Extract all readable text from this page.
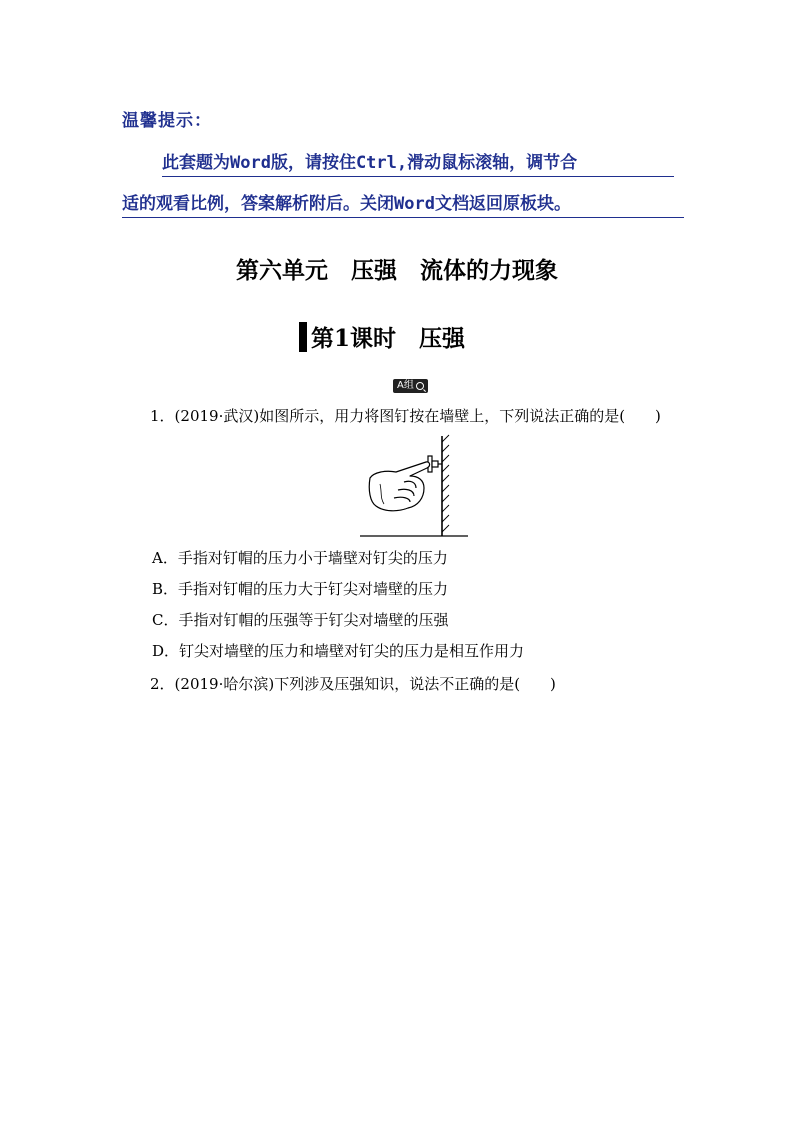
温馨提示：
此套题为Word版，请按住Ctrl,滑动鼠标滚轴，调节合
适的观看比例，答案解析附后。关闭Word文档返回原板块。
第六单元　压强　流体的力现象
第1课时　压强
A组
1．(2019·武汉)如图所示，用力将图钉按在墙壁上，下列说法正确的是(　　)
A．手指对钉帽的压力小于墙壁对钉尖的压力
B．手指对钉帽的压力大于钉尖对墙壁的压力
C．手指对钉帽的压强等于钉尖对墙壁的压强
D．钉尖对墙壁的压力和墙壁对钉尖的压力是相互作用力
2．(2019·哈尔滨)下列涉及压强知识，说法不正确的是(　　)
